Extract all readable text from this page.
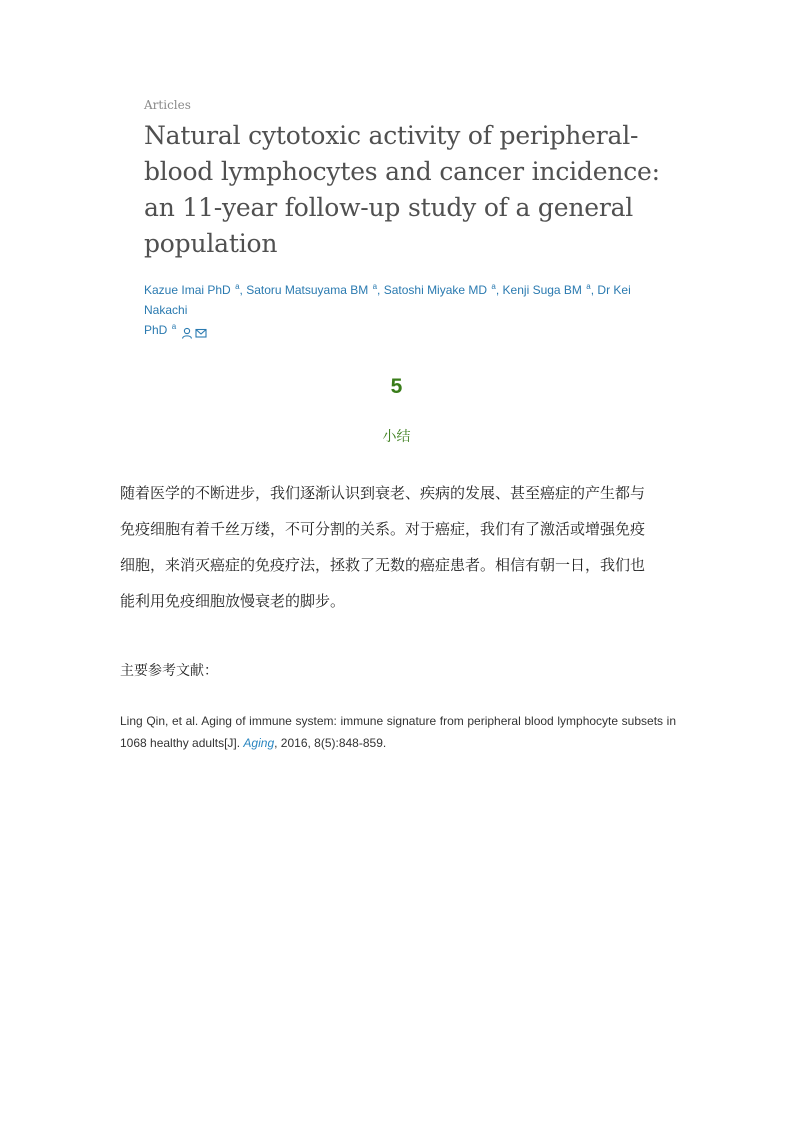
Articles
Natural cytotoxic activity of peripheral-
blood lymphocytes and cancer incidence:
an 11-year follow-up study of a general
population
Kazue Imai PhD $^a$, Satoru Matsuyama BM $^a$, Satoshi Miyake MD $^a$, Kenji Suga BM $^a$, Dr Kei Nakachi
PhD $^a$
5
小结

随着医学的不断进步，我们逐渐认识到衰老、疾病的发展、甚至癌症的产生都与
免疫细胞有着千丝万缕，不可分割的关系。对于癌症，我们有了激活或增强免疫
细胞，来消灭癌症的免疫疗法，拯救了无数的癌症患者。相信有朝一日，我们也
能利用免疫细胞放慢衰老的脚步。

主要参考文献：

Ling Qin, et al. Aging of immune system: immune signature from peripheral blood lymphocyte subsets in 1068 healthy adults[J]. Aging, 2016, 8(5):848-859.
